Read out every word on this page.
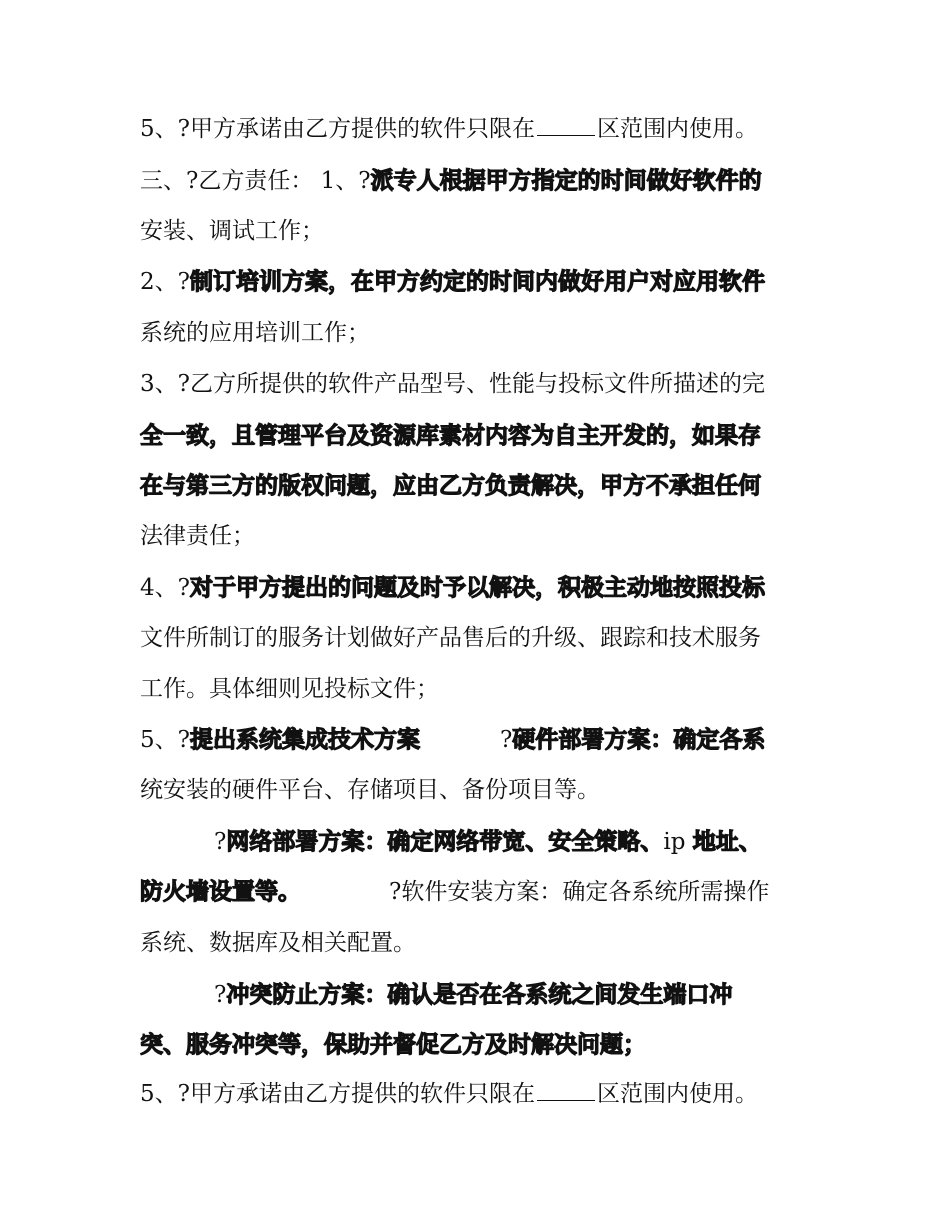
5、?甲方承诺由乙方提供的软件只限在	区范围内使用。
三、?乙方责任： 1、?派专人根据甲方指定的时间做好软件的
安装、调试工作；
2、?制订培训方案，在甲方约定的时间内做好用户对应用软件
系统的应用培训工作；
3、?乙方所提供的软件产品型号、性能与投标文件所描述的完
全一致，且管理平台及资源库素材内容为自主开发的，如果存
在与第三方的版权问题，应由乙方负责解决，甲方不承担任何
法律责任；
4、?对于甲方提出的问题及时予以解决，积极主动地按照投标
文件所制订的服务计划做好产品售后的升级、跟踪和技术服务
工作。具体细则见投标文件；
5、?提出系统集成技术方案	?硬件部署方案：确定各系
统安装的硬件平台、存储项目、备份项目等。
?网络部署方案：确定网络带宽、安全策略、ip 地址、
防火墙设置等。	?软件安装方案：确定各系统所需操作
系统、数据库及相关配置。
?冲突防止方案：确认是否在各系统之间发生端口冲
突、服务冲突等，保助并督促乙方及时解决问题；
5、?甲方承诺由乙方提供的软件只限在	区范围内使用。
